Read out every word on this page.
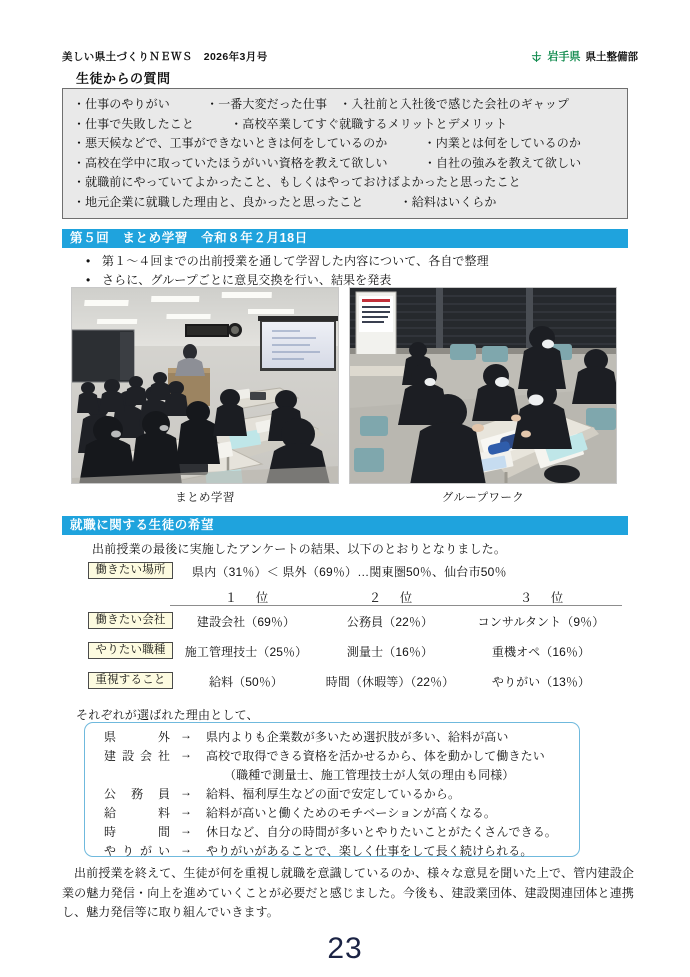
美しい県土づくりＮＥＷＳ　2026年3月号	岩手県 県土整備部
生徒からの質問
・仕事のやりがい　　　・一番大変だった仕事　・入社前と入社後で感じた会社のギャップ
・仕事で失敗したこと　　　・高校卒業してすぐ就職するメリットとデメリット
・悪天候などで、工事ができないときは何をしているのか　　　・内業とは何をしているのか
・高校在学中に取っていたほうがいい資格を教えて欲しい　　　・自社の強みを教えて欲しい
・就職前にやっていてよかったこと、もしくはやっておけばよかったと思ったこと
・地元企業に就職した理由と、良かったと思ったこと　　　・給料はいくらか
第５回　まとめ学習　令和８年２月18日
• 第１～４回までの出前授業を通して学習した内容について、各自で整理
• さらに、グループごとに意見交換を行い、結果を発表
まとめ学習	グループワーク
就職に関する生徒の希望
出前授業の最後に実施したアンケートの結果、以下のとおりとなりました。
働きたい場所	県内（31％）＜ 県外（69％）…関東圏50％、仙台市50％
１　位	２　位	３　位
働きたい会社	建設会社（69％）	公務員（22％）	コンサルタント（9％）
やりたい職種	施工管理技士（25％）	測量士（16％）	重機オペ（16％）
重視すること	給料（50％）	時間（休暇等）（22％）	やりがい（13％）
それぞれが選ばれた理由として、
県　外 → 県内よりも企業数が多いため選択肢が多い、給料が高い
建設会社 → 高校で取得できる資格を活かせるから、体を動かして働きたい
（職種で測量士、施工管理技士が人気の理由も同様）
公 務 員 → 給料、福利厚生などの面で安定しているから。
給　　料 → 給料が高いと働くためのモチベーションが高くなる。
時　　間 → 休日など、自分の時間が多いとやりたいことがたくさんできる。
やりがい → やりがいがあることで、楽しく仕事をして長く続けられる。
出前授業を終えて、生徒が何を重視し就職を意識しているのか、様々な意見を聞いた上で、管内建設企業の魅力発信・向上を進めていくことが必要だと感じました。今後も、建設業団体、建設関連団体と連携し、魅力発信等に取り組んでいきます。
23
